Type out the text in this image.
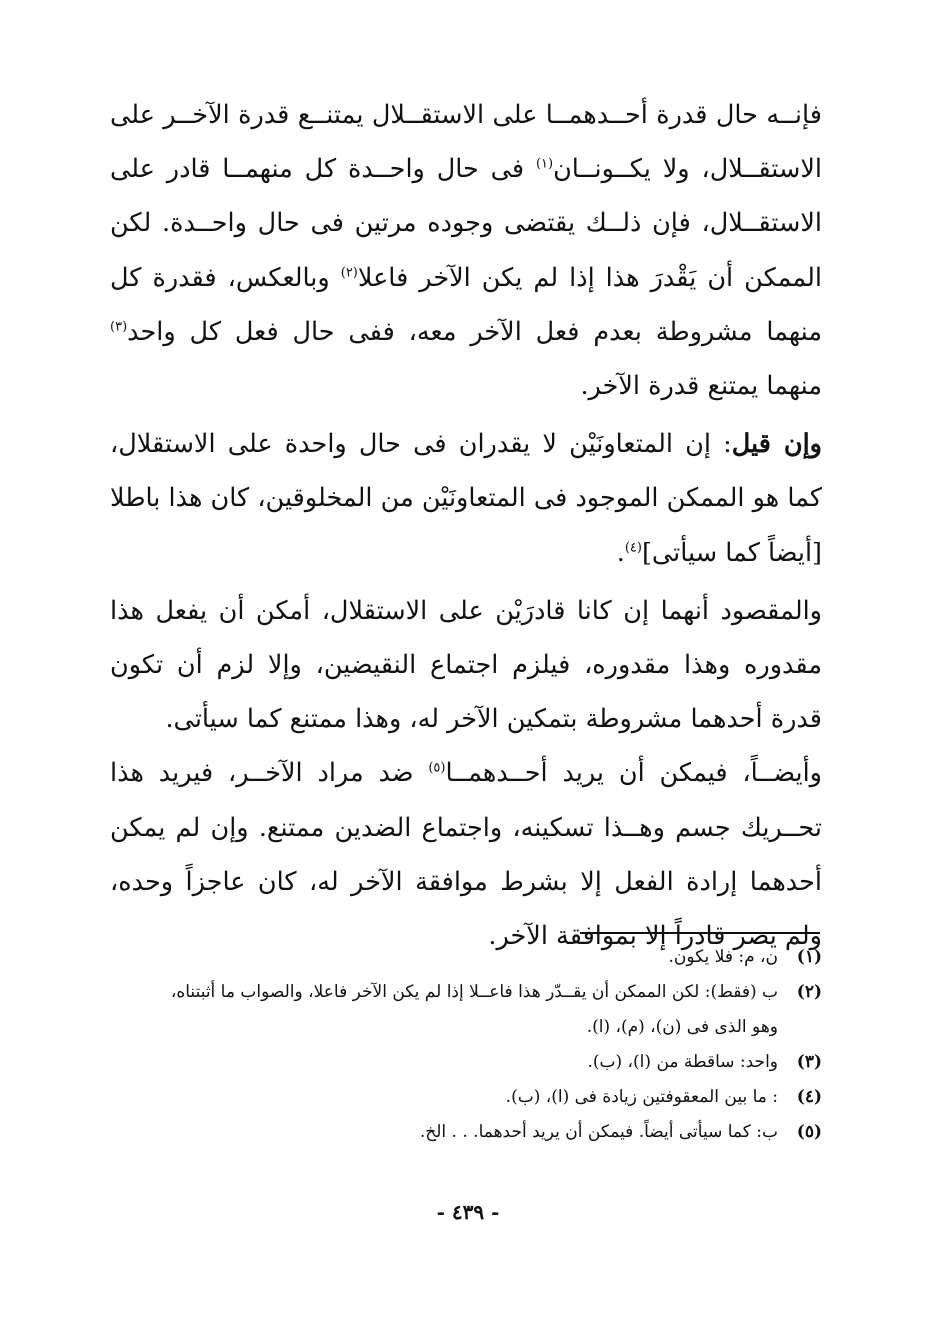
فإنــه حال قدرة أحــدهمــا على الاستقــلال يمتنــع قدرة الآخــر على الاستقــلال، ولا يكــونــان$^{(١)}$ فى حال واحــدة كل منهمــا قادر على الاستقــلال، فإن ذلــك يقتضى وجوده مرتين فى حال واحــدة. لكن الممكن أن يَقْدرَ هذا إذا لم يكن الآخر فاعلا$^{(٢)}$ وبالعكس، فقدرة كل منهما مشروطة بعدم فعل الآخر معه، ففى حال فعل كل واحد$^{(٣)}$ منهما يمتنع قدرة الآخر.

وإن قيل: إن المتعاونَيْن لا يقدران فى حال واحدة على الاستقلال، كما هو الممكن الموجود فى المتعاونَيْن من المخلوقين، كان هذا باطلا [أيضاً كما سيأتى]$^{(٤)}$.

والمقصود أنهما إن كانا قادرَيْن على الاستقلال، أمكن أن يفعل هذا مقدوره وهذا مقدوره، فيلزم اجتماع النقيضين، وإلا لزم أن تكون قدرة أحدهما مشروطة بتمكين الآخر له، وهذا ممتنع كما سيأتى.

وأيضــاً، فيمكن أن يريد أحــدهمــا$^{(٥)}$ ضد مراد الآخــر، فيريد هذا تحــريك جسم وهــذا تسكينه، واجتماع الضدين ممتنع. وإن لم يمكن أحدهما إرادة الفعل إلا بشرط موافقة الآخر له، كان عاجزاً وحده، ولم يصر قادراً إلا بموافقة الآخر.

(١)
ن، م: فلا يكون.
(٢)
ب (فقط): لكن الممكن أن يقــدّر هذا فاعــلا إذا لم يكن الآخر فاعلا، والصواب ما أثبتناه،
وهو الذى فى (ن)، (م)، (ا).
(٣)
واحد: ساقطة من (ا)، (ب).
(٤)
: ما بين المعقوفتين زيادة فى (ا)، (ب).
(٥)
ب: كما سيأتى أيضاً. فيمكن أن يريد أحدهما. . . الخ.
- ٤٣٩ -
